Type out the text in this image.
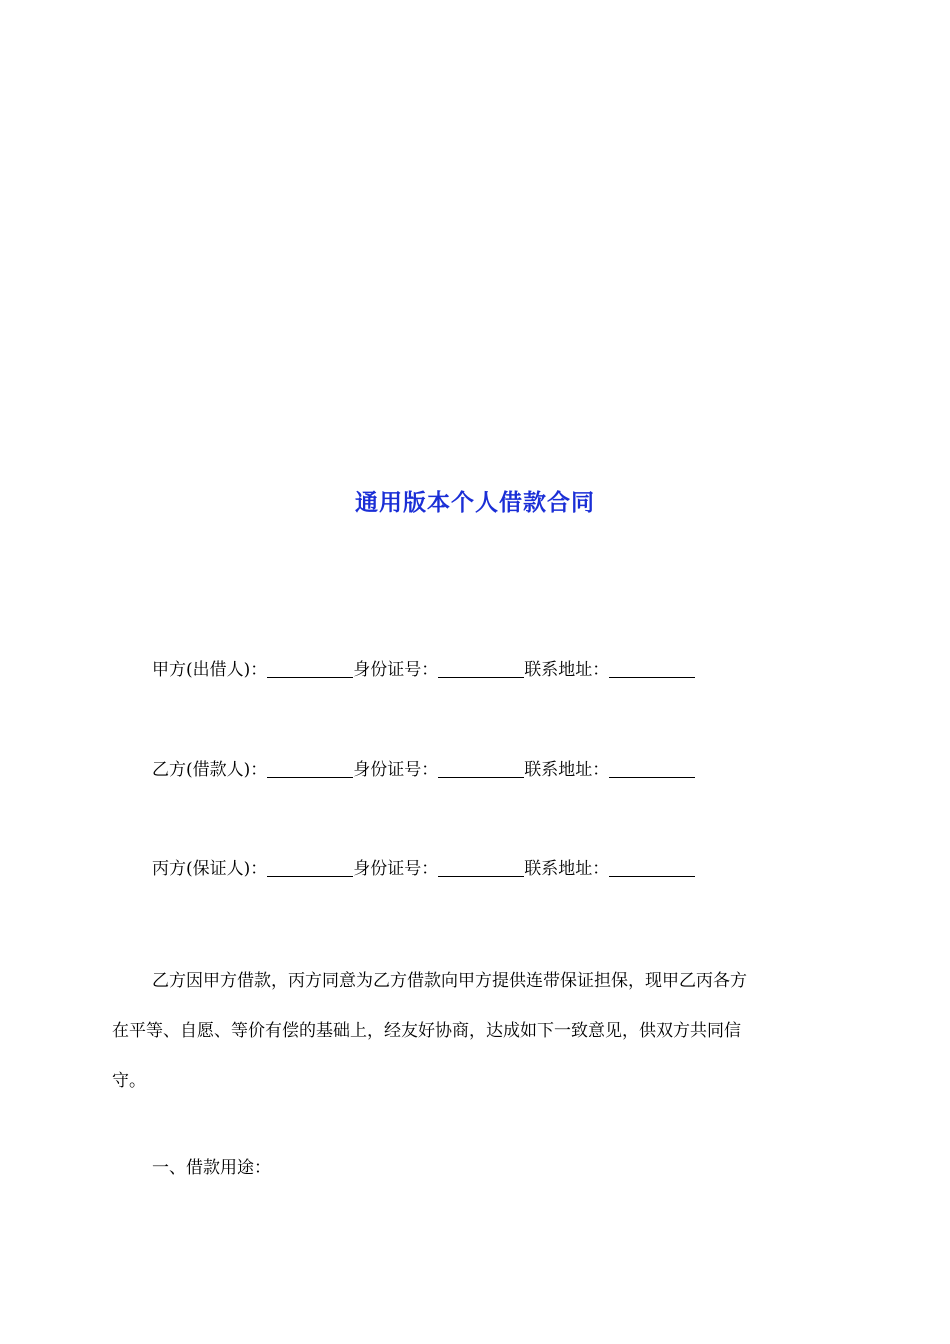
通用版本个人借款合同
甲方(出借人)：	身份证号：	联系地址：
乙方(借款人)：	身份证号：	联系地址：
丙方(保证人)：	身份证号：	联系地址：
乙方因甲方借款，丙方同意为乙方借款向甲方提供连带保证担保，现甲乙丙各方
在平等、自愿、等价有偿的基础上，经友好协商，达成如下一致意见，供双方共同信
守。
一、借款用途：
